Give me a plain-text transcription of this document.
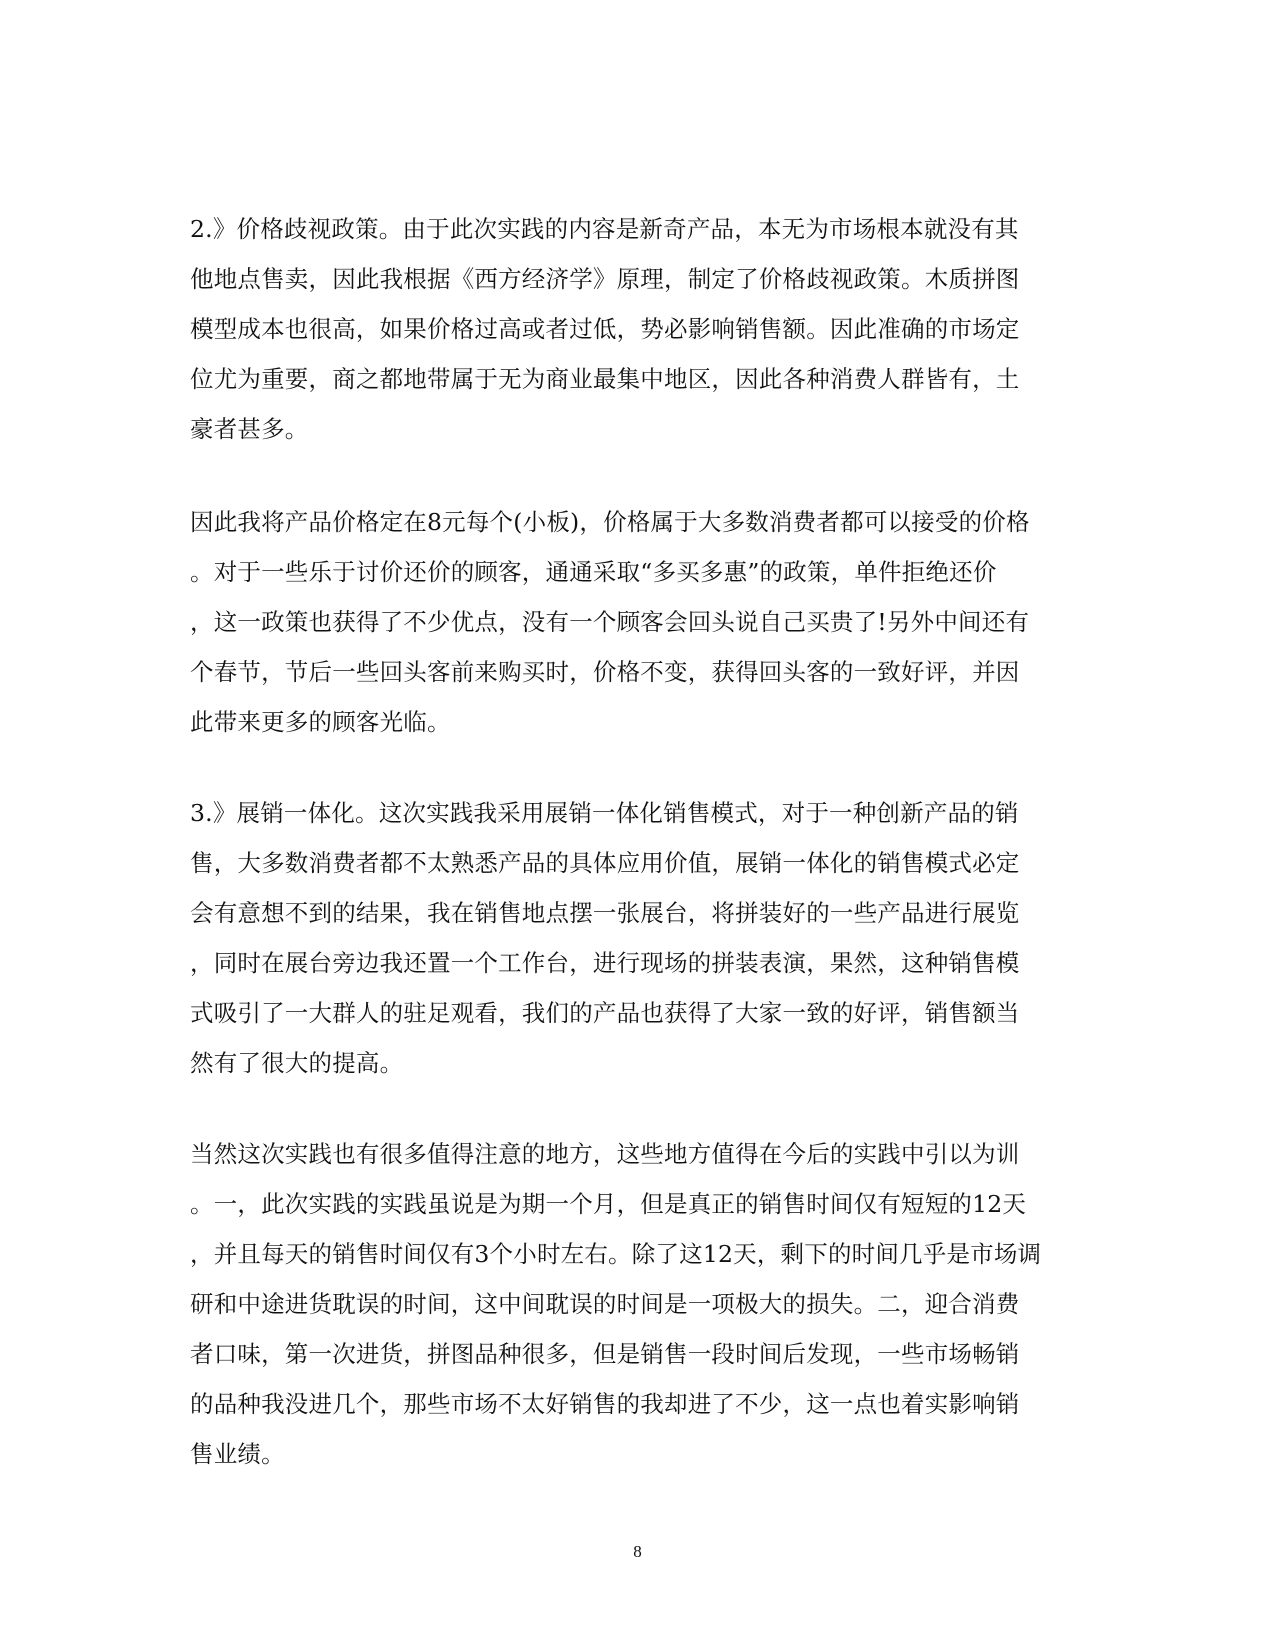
2.》价格歧视政策。由于此次实践的内容是新奇产品，本无为市场根本就没有其
他地点售卖，因此我根据《西方经济学》原理，制定了价格歧视政策。木质拼图
模型成本也很高，如果价格过高或者过低，势必影响销售额。因此准确的市场定
位尤为重要，商之都地带属于无为商业最集中地区，因此各种消费人群皆有，土
豪者甚多。
因此我将产品价格定在8元每个(小板)，价格属于大多数消费者都可以接受的价格
。对于一些乐于讨价还价的顾客，通通采取“多买多惠”的政策，单件拒绝还价
，这一政策也获得了不少优点，没有一个顾客会回头说自己买贵了!另外中间还有
个春节，节后一些回头客前来购买时，价格不变，获得回头客的一致好评，并因
此带来更多的顾客光临。
3.》展销一体化。这次实践我采用展销一体化销售模式，对于一种创新产品的销
售，大多数消费者都不太熟悉产品的具体应用价值，展销一体化的销售模式必定
会有意想不到的结果，我在销售地点摆一张展台，将拼装好的一些产品进行展览
，同时在展台旁边我还置一个工作台，进行现场的拼装表演，果然，这种销售模
式吸引了一大群人的驻足观看，我们的产品也获得了大家一致的好评，销售额当
然有了很大的提高。
当然这次实践也有很多值得注意的地方，这些地方值得在今后的实践中引以为训
。一，此次实践的实践虽说是为期一个月，但是真正的销售时间仅有短短的12天
，并且每天的销售时间仅有3个小时左右。除了这12天，剩下的时间几乎是市场调
研和中途进货耽误的时间，这中间耽误的时间是一项极大的损失。二，迎合消费
者口味，第一次进货，拼图品种很多，但是销售一段时间后发现，一些市场畅销
的品种我没进几个，那些市场不太好销售的我却进了不少，这一点也着实影响销
售业绩。
8
